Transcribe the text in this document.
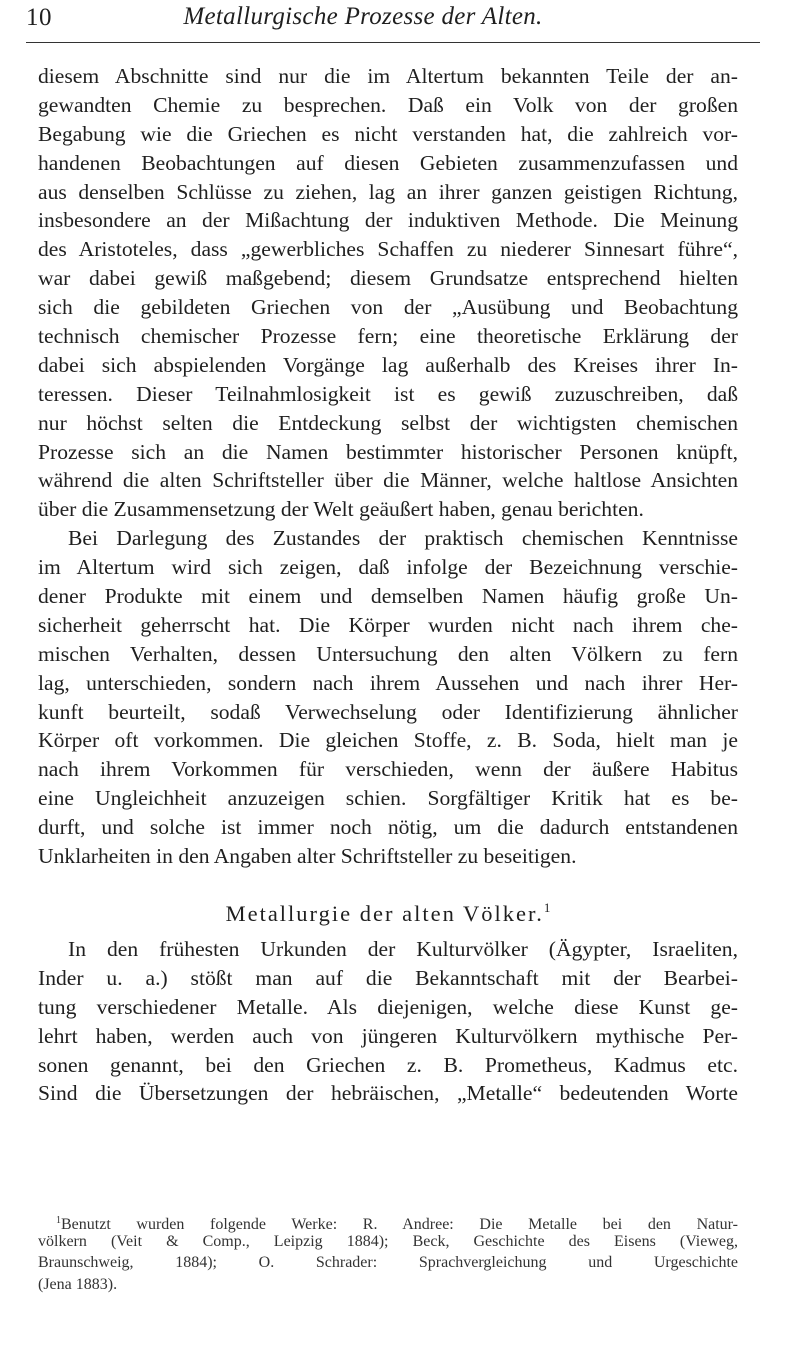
10	Metallurgische Prozesse der Alten.
diesem Abschnitte sind nur die im Altertum bekannten Teile der an-
gewandten Chemie zu besprechen. Daß ein Volk von der großen
Begabung wie die Griechen es nicht verstanden hat, die zahlreich vor-
handenen Beobachtungen auf diesen Gebieten zusammenzufassen und
aus denselben Schlüsse zu ziehen, lag an ihrer ganzen geistigen Richtung,
insbesondere an der Mißachtung der induktiven Methode. Die Meinung
des Aristoteles, dass „gewerbliches Schaffen zu niederer Sinnesart führe“,
war dabei gewiß maßgebend; diesem Grundsatze entsprechend hielten
sich die gebildeten Griechen von der „Ausübung und Beobachtung
technisch chemischer Prozesse fern; eine theoretische Erklärung der
dabei sich abspielenden Vorgänge lag außerhalb des Kreises ihrer In-
teressen. Dieser Teilnahmlosigkeit ist es gewiß zuzuschreiben, daß
nur höchst selten die Entdeckung selbst der wichtigsten chemischen
Prozesse sich an die Namen bestimmter historischer Personen knüpft,
während die alten Schriftsteller über die Männer, welche haltlose Ansichten
über die Zusammensetzung der Welt geäußert haben, genau berichten.
Bei Darlegung des Zustandes der praktisch chemischen Kenntnisse
im Altertum wird sich zeigen, daß infolge der Bezeichnung verschie-
dener Produkte mit einem und demselben Namen häufig große Un-
sicherheit geherrscht hat. Die Körper wurden nicht nach ihrem che-
mischen Verhalten, dessen Untersuchung den alten Völkern zu fern
lag, unterschieden, sondern nach ihrem Aussehen und nach ihrer Her-
kunft beurteilt, sodaß Verwechselung oder Identifizierung ähnlicher
Körper oft vorkommen. Die gleichen Stoffe, z. B. Soda, hielt man je
nach ihrem Vorkommen für verschieden, wenn der äußere Habitus
eine Ungleichheit anzuzeigen schien. Sorgfältiger Kritik hat es be-
durft, und solche ist immer noch nötig, um die dadurch entstandenen
Unklarheiten in den Angaben alter Schriftsteller zu beseitigen.
Metallurgie der alten Völker.$^1$
In den frühesten Urkunden der Kulturvölker (Ägypter, Israeliten,
Inder u. a.) stößt man auf die Bekanntschaft mit der Bearbei-
tung verschiedener Metalle. Als diejenigen, welche diese Kunst ge-
lehrt haben, werden auch von jüngeren Kulturvölkern mythische Per-
sonen genannt, bei den Griechen z. B. Prometheus, Kadmus etc.
Sind die Übersetzungen der hebräischen, „Metalle“ bedeutenden Worte
$^1$Benutzt wurden folgende Werke: R. Andree: Die Metalle bei den Natur-
völkern (Veit & Comp., Leipzig 1884); Beck, Geschichte des Eisens (Vieweg,
Braunschweig, 1884); O. Schrader: Sprachvergleichung und Urgeschichte
(Jena 1883).
